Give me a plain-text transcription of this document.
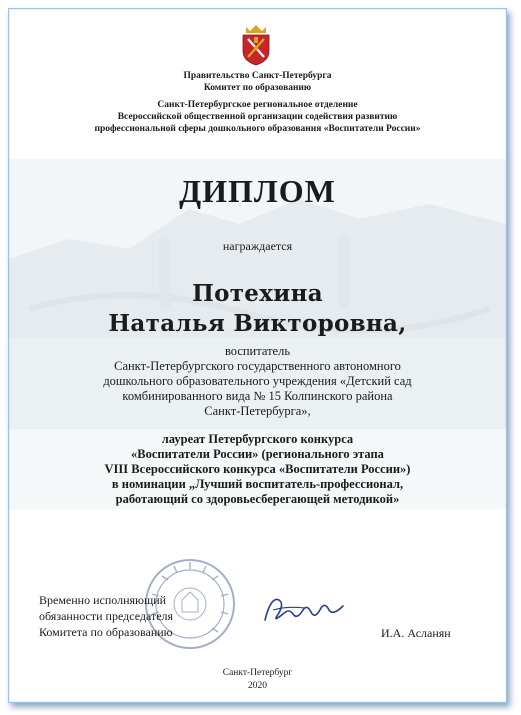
Правительство Санкт-Петербурга
Комитет по образованию
Санкт-Петербургское региональное отделение
Всероссийской общественной организации содействия развитию
профессиональной сферы дошкольного образования «Воспитатели России»
ДИПЛОМ
награждается
Потехина
Наталья Викторовна,
воспитатель
Санкт-Петербургского государственного автономного
дошкольного образовательного учреждения «Детский сад
комбинированного вида № 15 Колпинского района
Санкт-Петербурга»,
лауреат Петербургского конкурса
«Воспитатели России» (регионального этапа
VIII Всероссийского конкурса «Воспитатели России»)
в номинации „Лучший воспитатель-профессионал,
работающий со здоровьесберегающей методикой»
Временно исполняющий
обязанности председателя
Комитета по образованию	И.А. Асланян
Санкт-Петербург
2020
